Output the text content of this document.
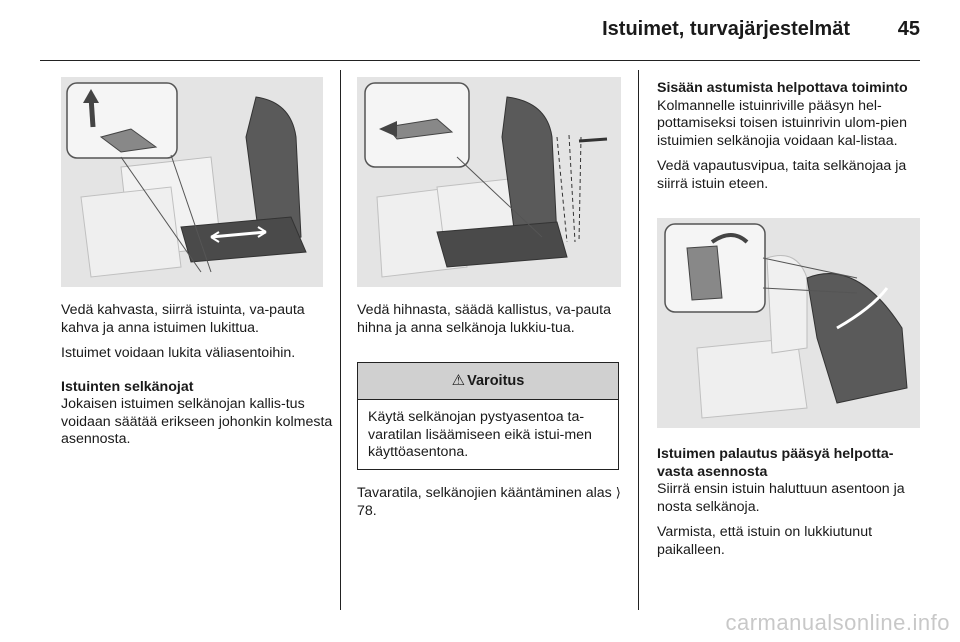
Istuimet, turvajärjestelmät	45

Vedä kahvasta, siirrä istuinta, va-pauta kahva ja anna istuimen lukittua.

Istuimet voidaan lukita väliasentoihin.

Istuinten selkänojat
Jokaisen istuimen selkänojan kallis-tus voidaan säätää erikseen johonkin kolmesta asennosta.

Vedä hihnasta, säädä kallistus, va-pauta hihna ja anna selkänoja lukkiu-tua.

⚠ Varoitus
Käytä selkänojan pystyasentoa ta-varatilan lisäämiseen eikä istui-men käyttöasentona.

Tavaratila, selkänojien kääntäminen alas ⟩ 78.

Sisään astumista helpottava toiminto
Kolmannelle istuinriville pääsyn hel-pottamiseksi toisen istuinrivin ulom-pien istuimien selkänojia voidaan kal-listaa.

Vedä vapautusvipua, taita selkänojaa ja siirrä istuin eteen.

Istuimen palautus pääsyä helpotta-vasta asennosta
Siirrä ensin istuin haluttuun asentoon ja nosta selkänoja.

Varmista, että istuin on lukkiutunut paikalleen.

carmanualsonline.info
